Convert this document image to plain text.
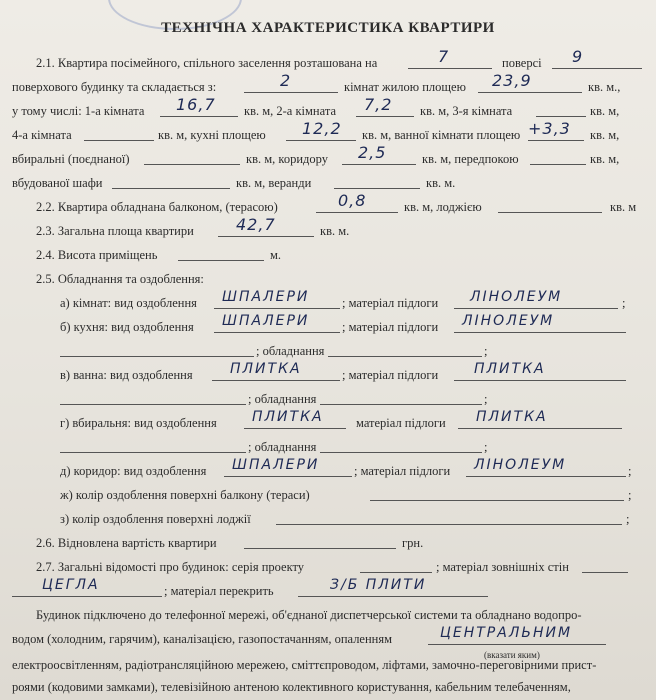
ТЕХНІЧНА ХАРАКТЕРИСТИКА КВАРТИРИ
2.1. Квартира посімейного, спільного заселення розташована на	7	поверсі 9
поверхового будинку та складається з:	2	кімнат жилою площею 23,9	кв. м.,
у тому числі: 1-а кімната 16,7 кв. м, 2-а кімната 7,2 кв. м, 3-я кімната	кв. м,
4-а кімната	кв. м, кухні площею 12,2 кв. м, ванної кімнати площею +3,3 кв. м,
вбиральні (поєднаної)	кв. м, коридору 2,5	кв. м, передпокою	кв. м,
вбудованої шафи	кв. м, веранди	кв. м.
2.2. Квартира обладнана балконом, (терасою)	0,8	кв. м, лоджією	кв. м
2.3. Загальна площа квартири	42,7	кв. м.
2.4. Висота приміщень	м.
2.5. Обладнання та оздоблення:
а) кімнат: вид оздоблення ШПАЛЕРИ	; матеріал підлоги ЛІНОЛЕУМ	;
б) кухня: вид оздоблення ШПАЛЕРИ	; матеріал підлоги ЛІНОЛЕУМ
; обладнання	;
в) ванна: вид оздоблення	ПЛИТКА	; матеріал підлоги	ПЛИТКА
; обладнання	;
г) вбиральня: вид оздоблення	ПЛИТКА	матеріал підлоги ПЛИТКА
; обладнання	;
д) коридор: вид оздоблення ШПАЛЕРИ	; матеріал підлоги ЛІНОЛЕУМ	;
ж) колір оздоблення поверхні балкону (тераси)	;
з) колір оздоблення поверхні лоджії	;
2.6. Відновлена вартість квартири	грн.
2.7. Загальні відомості про будинок: серія проекту	; матеріал зовнішніх стін
ЦЕГЛА	; матеріал перекрить	З/Б ПЛИТИ
Будинок підключено до телефонної мережі, об'єднаної диспетчерської системи та обладнано водопро-
водом (холодним, гарячим), каналізацією, газопостачанням, опаленням	ЦЕНТРАЛЬНИМ
(вказати яким)
електроосвітленням, радіотрансляційною мережею, сміттєпроводом, ліфтами, замочно-переговірними прист-
роями (кодовими замками), телевізійною антеною колективного користування, кабельним телебаченням,
